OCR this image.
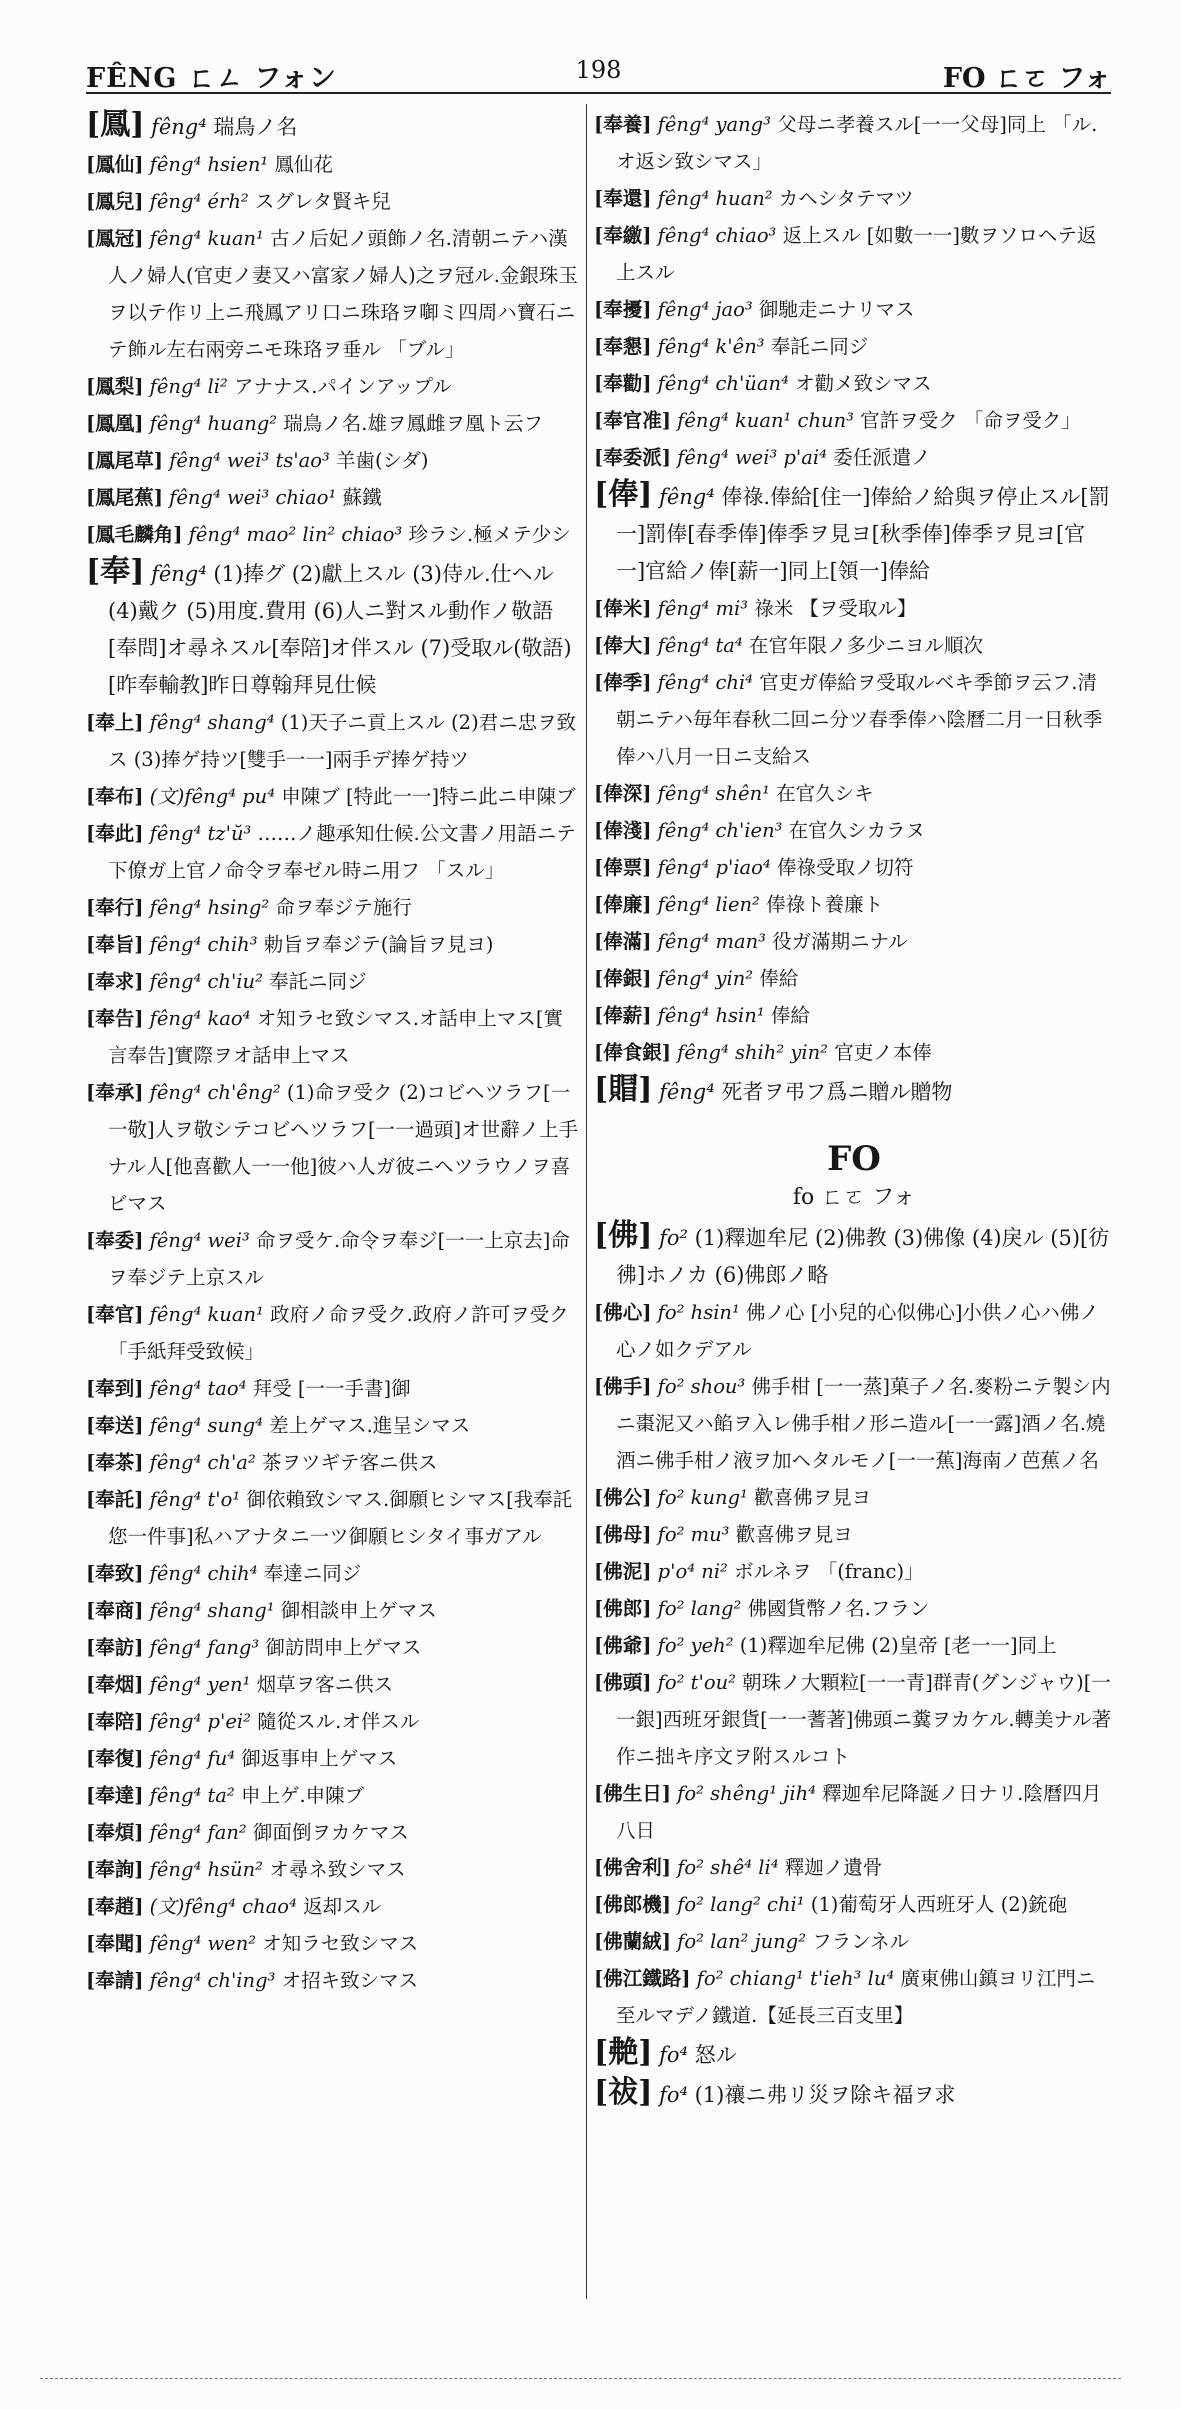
FÊNG ㄈㄥ フォン	198	FO ㄈㄛ フォ
[鳳] fêng⁴ 瑞鳥ノ名
[鳳仙] fêng⁴ hsien¹ 鳳仙花
[鳳兒] fêng⁴ érh² スグレタ賢キ兒
[鳳冠] fêng⁴ kuan¹ 古ノ后妃ノ頭飾ノ名.清朝ニテハ漢人ノ婦人(官吏ノ妻又ハ富家ノ婦人)之ヲ冠ル.金銀珠玉ヲ以テ作リ上ニ飛鳳アリ口ニ珠珞ヲ啣ミ四周ハ寶石ニテ飾ル左右兩旁ニモ珠珞ヲ垂ル 「ブル」
[鳳梨] fêng⁴ li² アナナス.パインアップル
[鳳凰] fêng⁴ huang² 瑞鳥ノ名.雄ヲ鳳雌ヲ凰ト云フ
[鳳尾草] fêng⁴ wei³ ts'ao³ 羊歯(シダ)
[鳳尾蕉] fêng⁴ wei³ chiao¹ 蘇鐵
[鳳毛麟角] fêng⁴ mao² lin² chiao³ 珍ラシ.極メテ少シ
[奉] fêng⁴ (1)捧グ (2)獻上スル (3)侍ル.仕ヘル (4)戴ク (5)用度.費用 (6)人ニ對スル動作ノ敬語[奉問]オ尋ネスル[奉陪]オ伴スル (7)受取ル(敬語)[昨奉輸教]昨日尊翰拜見仕候
[奉上] fêng⁴ shang⁴ (1)天子ニ貢上スル (2)君ニ忠ヲ致ス (3)捧ゲ持ツ[雙手一一]兩手デ捧ゲ持ツ
[奉布] (文)fêng⁴ pu⁴ 申陳ブ [特此一一]特ニ此ニ申陳ブ
[奉此] fêng⁴ tz'ŭ³ ……ノ趣承知仕候.公文書ノ用語ニテ下僚ガ上官ノ命令ヲ奉ゼル時ニ用フ 「スル」
[奉行] fêng⁴ hsing² 命ヲ奉ジテ施行
[奉旨] fêng⁴ chih³ 勅旨ヲ奉ジテ(論旨ヲ見ヨ)
[奉求] fêng⁴ ch'iu² 奉託ニ同ジ
[奉告] fêng⁴ kao⁴ オ知ラセ致シマス.オ話申上マス[實言奉告]實際ヲオ話申上マス
[奉承] fêng⁴ ch'êng² (1)命ヲ受ク (2)コビヘツラフ[一一敬]人ヲ敬シテコビヘツラフ[一一過頭]オ世辭ノ上手ナル人[他喜歡人一一他]彼ハ人ガ彼ニヘツラウノヲ喜ビマス
[奉委] fêng⁴ wei³ 命ヲ受ケ.命令ヲ奉ジ[一一上京去]命ヲ奉ジテ上京スル
[奉官] fêng⁴ kuan¹ 政府ノ命ヲ受ク.政府ノ許可ヲ受ク 「手紙拜受致候」
[奉到] fêng⁴ tao⁴ 拜受 [一一手書]御
[奉送] fêng⁴ sung⁴ 差上ゲマス.進呈シマス
[奉茶] fêng⁴ ch'a² 茶ヲツギテ客ニ供ス
[奉託] fêng⁴ t'o¹ 御依賴致シマス.御願ヒシマス[我奉託您一件事]私ハアナタニ一ツ御願ヒシタイ事ガアル
[奉致] fêng⁴ chih⁴ 奉達ニ同ジ
[奉商] fêng⁴ shang¹ 御相談申上ゲマス
[奉訪] fêng⁴ fang³ 御訪問申上ゲマス
[奉烟] fêng⁴ yen¹ 烟草ヲ客ニ供ス
[奉陪] fêng⁴ p'ei² 隨從スル.オ伴スル
[奉復] fêng⁴ fu⁴ 御返事申上ゲマス
[奉達] fêng⁴ ta² 申上ゲ.申陳ブ
[奉煩] fêng⁴ fan² 御面倒ヲカケマス
[奉詢] fêng⁴ hsün² オ尋ネ致シマス
[奉趙] (文)fêng⁴ chao⁴ 返却スル
[奉聞] fêng⁴ wen² オ知ラセ致シマス
[奉請] fêng⁴ ch'ing³ オ招キ致シマス
[奉養] fêng⁴ yang³ 父母ニ孝養スル[一一父母]同上 「ル.オ返シ致シマス」
[奉還] fêng⁴ huan² カヘシタテマツ
[奉繳] fêng⁴ chiao³ 返上スル [如數一一]數ヲソロヘテ返上スル
[奉擾] fêng⁴ jao³ 御馳走ニナリマス
[奉懇] fêng⁴ k'ên³ 奉託ニ同ジ
[奉勸] fêng⁴ ch'üan⁴ オ勸メ致シマス
[奉官准] fêng⁴ kuan¹ chun³ 官許ヲ受ク 「命ヲ受ク」
[奉委派] fêng⁴ wei³ p'ai⁴ 委任派遣ノ
[俸] fêng⁴ 俸祿.俸給[住一]俸給ノ給與ヲ停止スル[罰一]罰俸[春季俸]俸季ヲ見ヨ[秋季俸]俸季ヲ見ヨ[官一]官給ノ俸[薪一]同上[領一]俸給
[俸米] fêng⁴ mi³ 祿米 【ヲ受取ル】
[俸大] fêng⁴ ta⁴ 在官年限ノ多少ニヨル順次
[俸季] fêng⁴ chi⁴ 官吏ガ俸給ヲ受取ルベキ季節ヲ云フ.清朝ニテハ毎年春秋二回ニ分ツ春季俸ハ陰曆二月一日秋季俸ハ八月一日ニ支給ス
[俸深] fêng⁴ shên¹ 在官久シキ
[俸淺] fêng⁴ ch'ien³ 在官久シカラヌ
[俸票] fêng⁴ p'iao⁴ 俸祿受取ノ切符
[俸廉] fêng⁴ lien² 俸祿ト養廉ト
[俸滿] fêng⁴ man³ 役ガ滿期ニナル
[俸銀] fêng⁴ yin² 俸給
[俸薪] fêng⁴ hsin¹ 俸給
[俸食銀] fêng⁴ shih² yin² 官吏ノ本俸
[賵] fêng⁴ 死者ヲ弔フ爲ニ贈ル贈物
FO
fo ㄈㄛ フォ
[佛] fo² (1)釋迦牟尼 (2)佛教 (3)佛像 (4)戾ル (5)[彷彿]ホノカ (6)佛郎ノ略
[佛心] fo² hsin¹ 佛ノ心 [小兒的心似佛心]小供ノ心ハ佛ノ心ノ如クデアル
[佛手] fo² shou³ 佛手柑 [一一蒸]菓子ノ名.麥粉ニテ製シ内ニ棗泥又ハ餡ヲ入レ佛手柑ノ形ニ造ル[一一露]酒ノ名.燒酒ニ佛手柑ノ液ヲ加ヘタルモノ[一一蕉]海南ノ芭蕉ノ名
[佛公] fo² kung¹ 歡喜佛ヲ見ヨ
[佛母] fo² mu³ 歡喜佛ヲ見ヨ
[佛泥] p'o⁴ ni² ボルネヲ 「(franc)」
[佛郎] fo² lang² 佛國貨幣ノ名.フラン
[佛爺] fo² yeh² (1)釋迦牟尼佛 (2)皇帝 [老一一]同上
[佛頭] fo² t'ou² 朝珠ノ大顆粒[一一青]群青(グンジャウ)[一一銀]西班牙銀貨[一一蓍著]佛頭ニ糞ヲカケル.轉美ナル著作ニ拙キ序文ヲ附スルコト
[佛生日] fo² shêng¹ jih⁴ 釋迦牟尼降誕ノ日ナリ.陰曆四月八日
[佛舍利] fo² shê⁴ li⁴ 釋迦ノ遺骨
[佛郎機] fo² lang² chi¹ (1)葡萄牙人西班牙人 (2)銃砲
[佛蘭絨] fo² lan² jung² フランネル
[佛江鐵路] fo² chiang¹ t'ieh³ lu⁴ 廣東佛山鎮ヨリ江門ニ至ルマデノ鐵道.【延長三百支里】
[艴] fo⁴ 怒ル
[祓] fo⁴ (1)禳ニ弗リ災ヲ除キ福ヲ求
